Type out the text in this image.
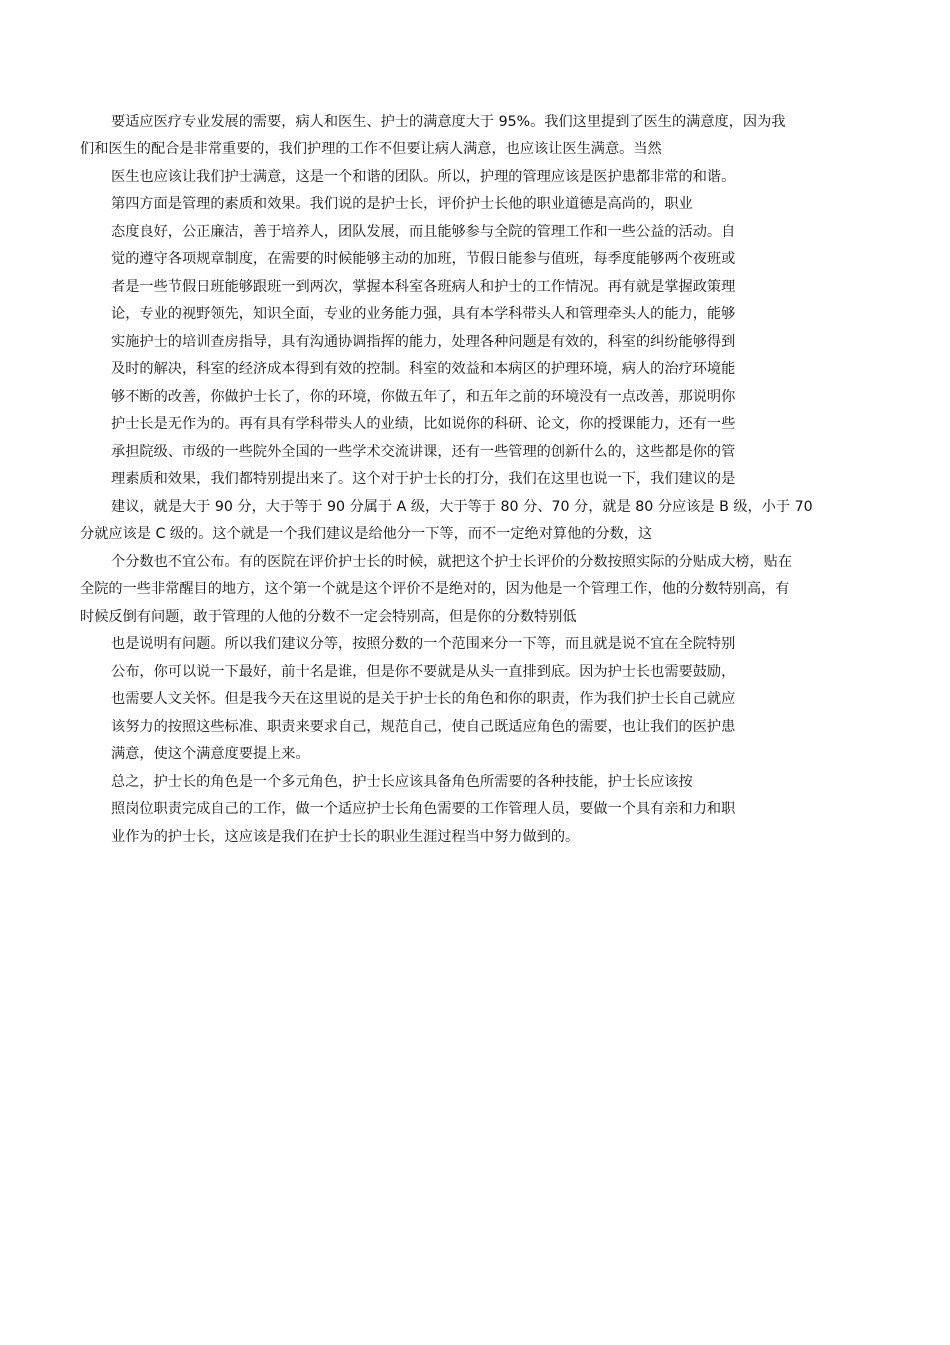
要适应医疗专业发展的需要，病人和医生、护士的满意度大于 95%。我们这里提到了医生的满意度，因为我
们和医生的配合是非常重要的，我们护理的工作不但要让病人满意，也应该让医生满意。当然
医生也应该让我们护士满意，这是一个和谐的团队。所以，护理的管理应该是医护患都非常的和谐。
第四方面是管理的素质和效果。我们说的是护士长，评价护士长他的职业道德是高尚的，职业
态度良好，公正廉洁，善于培养人，团队发展，而且能够参与全院的管理工作和一些公益的活动。自
觉的遵守各项规章制度，在需要的时候能够主动的加班，节假日能参与值班，每季度能够两个夜班或
者是一些节假日班能够跟班一到两次，掌握本科室各班病人和护士的工作情况。再有就是掌握政策理
论，专业的视野领先，知识全面，专业的业务能力强，具有本学科带头人和管理牵头人的能力，能够
实施护士的培训查房指导，具有沟通协调指挥的能力，处理各种问题是有效的，科室的纠纷能够得到
及时的解决，科室的经济成本得到有效的控制。科室的效益和本病区的护理环境，病人的治疗环境能
够不断的改善，你做护士长了，你的环境，你做五年了，和五年之前的环境没有一点改善，那说明你
护士长是无作为的。再有具有学科带头人的业绩，比如说你的科研、论文，你的授课能力，还有一些
承担院级、市级的一些院外全国的一些学术交流讲课，还有一些管理的创新什么的，这些都是你的管
理素质和效果，我们都特别提出来了。这个对于护士长的打分，我们在这里也说一下，我们建议的是
建议，就是大于 90 分，大于等于 90 分属于 A 级，大于等于 80 分、70 分，就是 80 分应该是 B 级，小于 70
分就应该是 C 级的。这个就是一个我们建议是给他分一下等，而不一定绝对算他的分数，这
个分数也不宜公布。有的医院在评价护士长的时候，就把这个护士长评价的分数按照实际的分贴成大榜，贴在
全院的一些非常醒目的地方，这个第一个就是这个评价不是绝对的，因为他是一个管理工作，他的分数特别高，有
时候反倒有问题，敢于管理的人他的分数不一定会特别高，但是你的分数特别低
也是说明有问题。所以我们建议分等，按照分数的一个范围来分一下等，而且就是说不宜在全院特别
公布，你可以说一下最好，前十名是谁，但是你不要就是从头一直排到底。因为护士长也需要鼓励，
也需要人文关怀。但是我今天在这里说的是关于护士长的角色和你的职责，作为我们护士长自己就应
该努力的按照这些标准、职责来要求自己，规范自己，使自己既适应角色的需要，也让我们的医护患
满意，使这个满意度要提上来。
总之，护士长的角色是一个多元角色，护士长应该具备角色所需要的各种技能，护士长应该按
照岗位职责完成自己的工作，做一个适应护士长角色需要的工作管理人员，要做一个具有亲和力和职
业作为的护士长，这应该是我们在护士长的职业生涯过程当中努力做到的。
